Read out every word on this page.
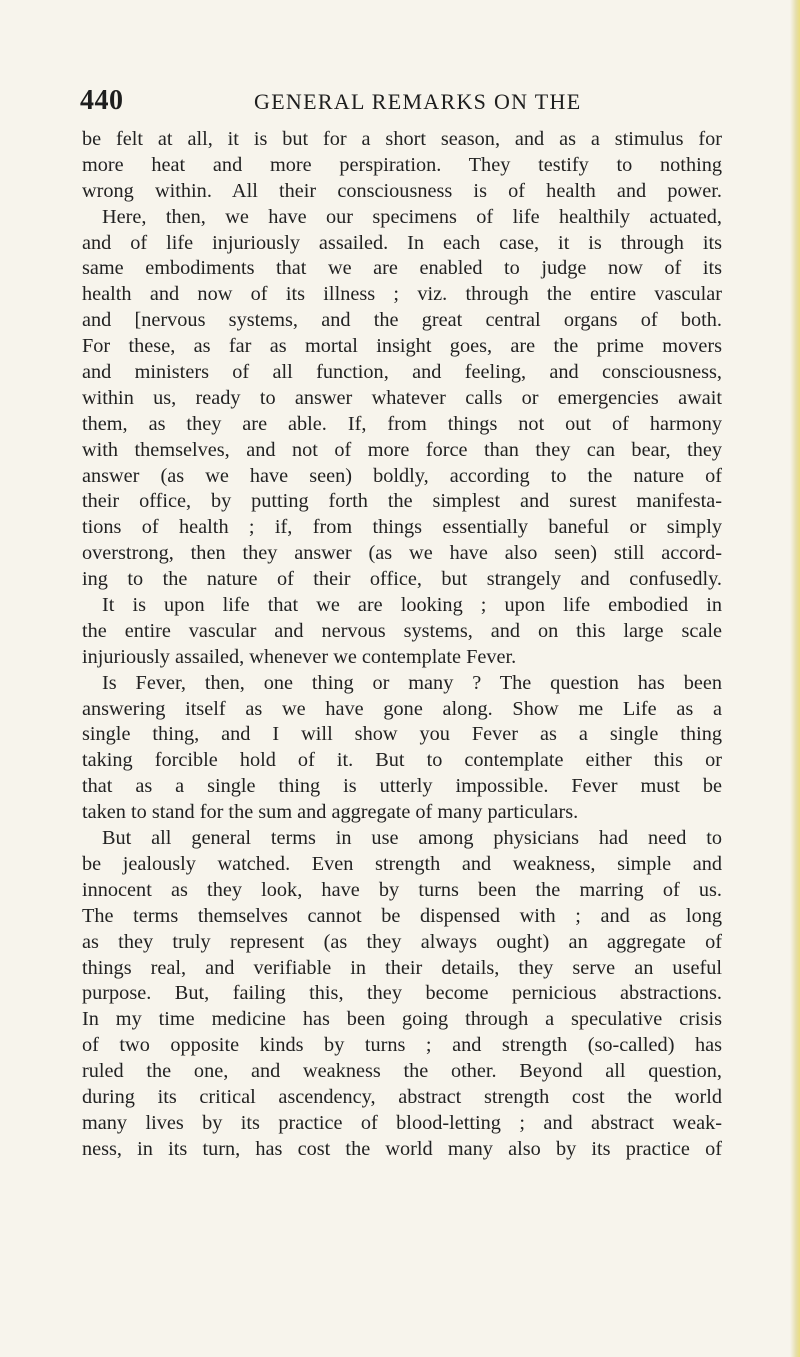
440	GENERAL REMARKS ON THE
be felt at all, it is but for a short season, and as a stimulus for
more heat and more perspiration. They testify to nothing
wrong within. All their consciousness is of health and power.
Here, then, we have our specimens of life healthily actuated,
and of life injuriously assailed. In each case, it is through its
same embodiments that we are enabled to judge now of its
health and now of its illness ; viz. through the entire vascular
and [nervous systems, and the great central organs of both.
For these, as far as mortal insight goes, are the prime movers
and ministers of all function, and feeling, and consciousness,
within us, ready to answer whatever calls or emergencies await
them, as they are able. If, from things not out of harmony
with themselves, and not of more force than they can bear, they
answer (as we have seen) boldly, according to the nature of
their office, by putting forth the simplest and surest manifesta-
tions of health ; if, from things essentially baneful or simply
overstrong, then they answer (as we have also seen) still accord-
ing to the nature of their office, but strangely and confusedly.
It is upon life that we are looking ; upon life embodied in
the entire vascular and nervous systems, and on this large scale
injuriously assailed, whenever we contemplate Fever.
Is Fever, then, one thing or many ? The question has been
answering itself as we have gone along. Show me Life as a
single thing, and I will show you Fever as a single thing
taking forcible hold of it. But to contemplate either this or
that as a single thing is utterly impossible. Fever must be
taken to stand for the sum and aggregate of many particulars.
But all general terms in use among physicians had need to
be jealously watched. Even strength and weakness, simple and
innocent as they look, have by turns been the marring of us.
The terms themselves cannot be dispensed with ; and as long
as they truly represent (as they always ought) an aggregate of
things real, and verifiable in their details, they serve an useful
purpose. But, failing this, they become pernicious abstractions.
In my time medicine has been going through a speculative crisis
of two opposite kinds by turns ; and strength (so-called) has
ruled the one, and weakness the other. Beyond all question,
during its critical ascendency, abstract strength cost the world
many lives by its practice of blood-letting ; and abstract weak-
ness, in its turn, has cost the world many also by its practice of
